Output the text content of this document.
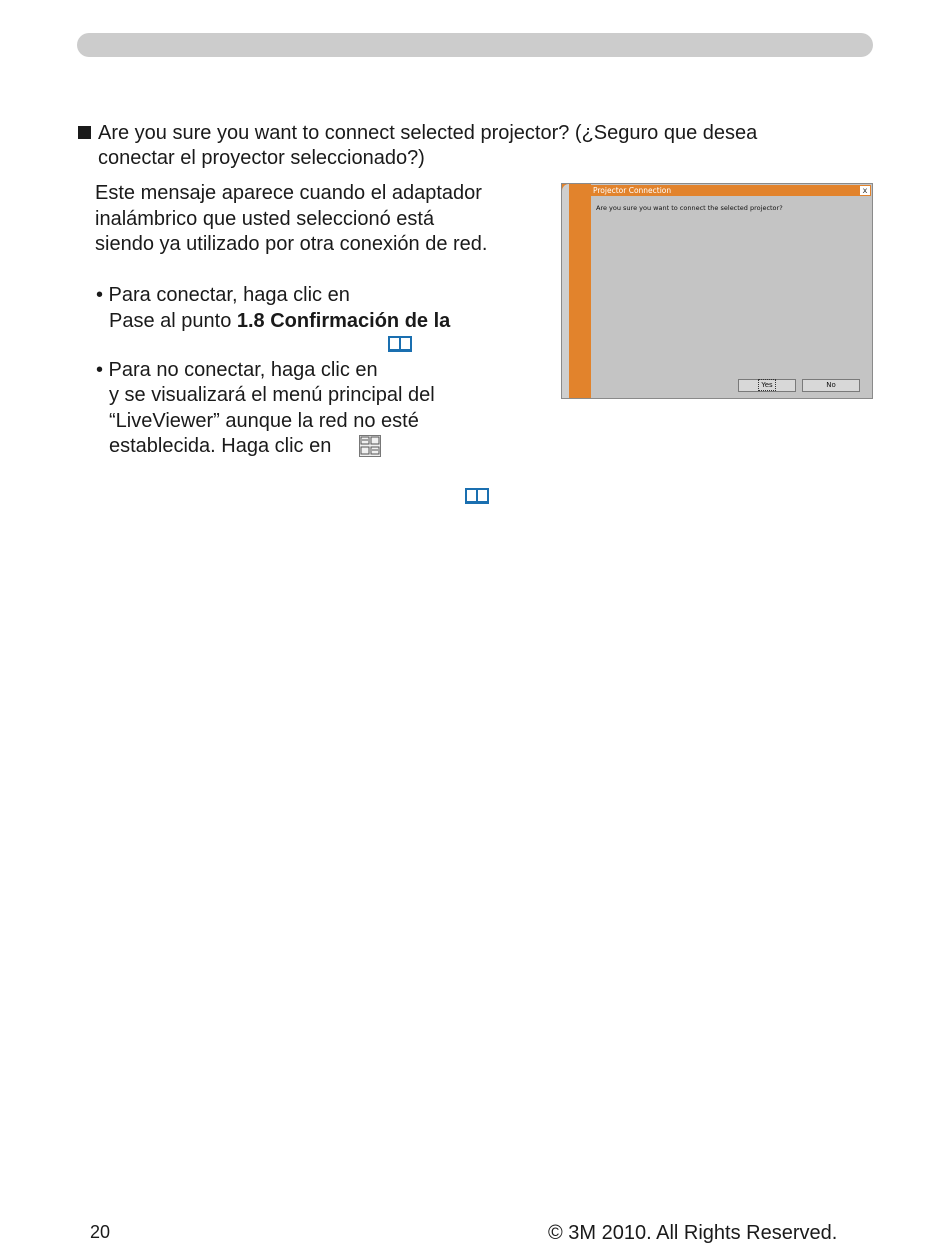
Are you sure you want to connect selected projector? (¿Seguro que desea
conectar el proyector seleccionado?)
Este mensaje aparece cuando el adaptador
inalámbrico que usted seleccionó está
siendo ya utilizado por otra conexión de red.
• Para conectar, haga clic en
Pase al punto 1.8 Confirmación de la
• Para no conectar, haga clic en
y se visualizará el menú principal del
“LiveViewer” aunque la red no esté
establecida. Haga clic en
Projector Connection	x
Are you sure you want to connect the selected projector?
Yes	No
20	© 3M 2010. All Rights Reserved.
